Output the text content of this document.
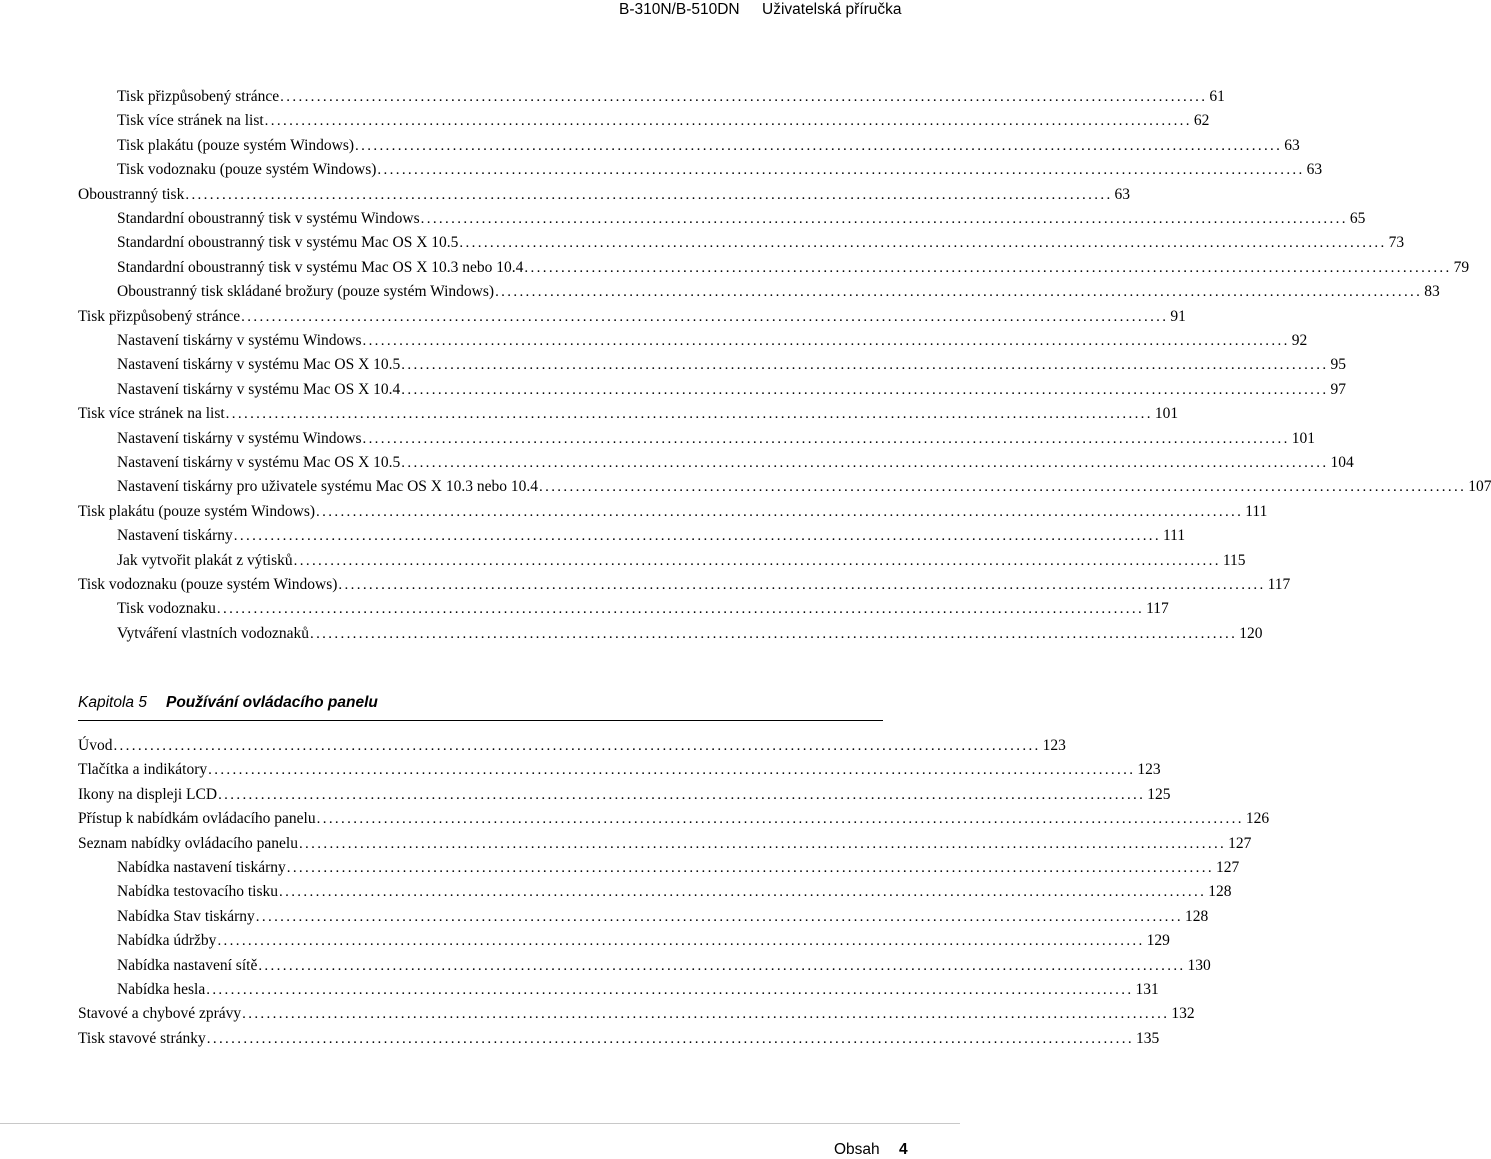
B-310N/B-510DN Uživatelská příručka
Tisk přizpůsobený stránce ........................................................................................................................................................ 61
Tisk více stránek na list ........................................................................................................................................................ 62
Tisk plakátu (pouze systém Windows) ........................................................................................................................................................ 63
Tisk vodoznaku (pouze systém Windows) ........................................................................................................................................................ 63
Oboustranný tisk ........................................................................................................................................................ 63
Standardní oboustranný tisk v systému Windows ........................................................................................................................................................ 65
Standardní oboustranný tisk v systému Mac OS X 10.5 ........................................................................................................................................................ 73
Standardní oboustranný tisk v systému Mac OS X 10.3 nebo 10.4 ........................................................................................................................................................ 79
Oboustranný tisk skládané brožury (pouze systém Windows) ........................................................................................................................................................ 83
Tisk přizpůsobený stránce ........................................................................................................................................................ 91
Nastavení tiskárny v systému Windows ........................................................................................................................................................ 92
Nastavení tiskárny v systému Mac OS X 10.5 ........................................................................................................................................................ 95
Nastavení tiskárny v systému Mac OS X 10.4 ........................................................................................................................................................ 97
Tisk více stránek na list ........................................................................................................................................................ 101
Nastavení tiskárny v systému Windows ........................................................................................................................................................ 101
Nastavení tiskárny v systému Mac OS X 10.5 ........................................................................................................................................................ 104
Nastavení tiskárny pro uživatele systému Mac OS X 10.3 nebo 10.4 ........................................................................................................................................................ 107
Tisk plakátu (pouze systém Windows) ........................................................................................................................................................ 111
Nastavení tiskárny ........................................................................................................................................................ 111
Jak vytvořit plakát z výtisků ........................................................................................................................................................ 115
Tisk vodoznaku (pouze systém Windows) ........................................................................................................................................................ 117
Tisk vodoznaku ........................................................................................................................................................ 117
Vytváření vlastních vodoznaků ........................................................................................................................................................ 120
Kapitola 5 Používání ovládacího panelu
Úvod ........................................................................................................................................................ 123
Tlačítka a indikátory ........................................................................................................................................................ 123
Ikony na displeji LCD ........................................................................................................................................................ 125
Přístup k nabídkám ovládacího panelu ........................................................................................................................................................ 126
Seznam nabídky ovládacího panelu ........................................................................................................................................................ 127
Nabídka nastavení tiskárny ........................................................................................................................................................ 127
Nabídka testovacího tisku ........................................................................................................................................................ 128
Nabídka Stav tiskárny ........................................................................................................................................................ 128
Nabídka údržby ........................................................................................................................................................ 129
Nabídka nastavení sítě ........................................................................................................................................................ 130
Nabídka hesla ........................................................................................................................................................ 131
Stavové a chybové zprávy ........................................................................................................................................................ 132
Tisk stavové stránky ........................................................................................................................................................ 135
Obsah 4
